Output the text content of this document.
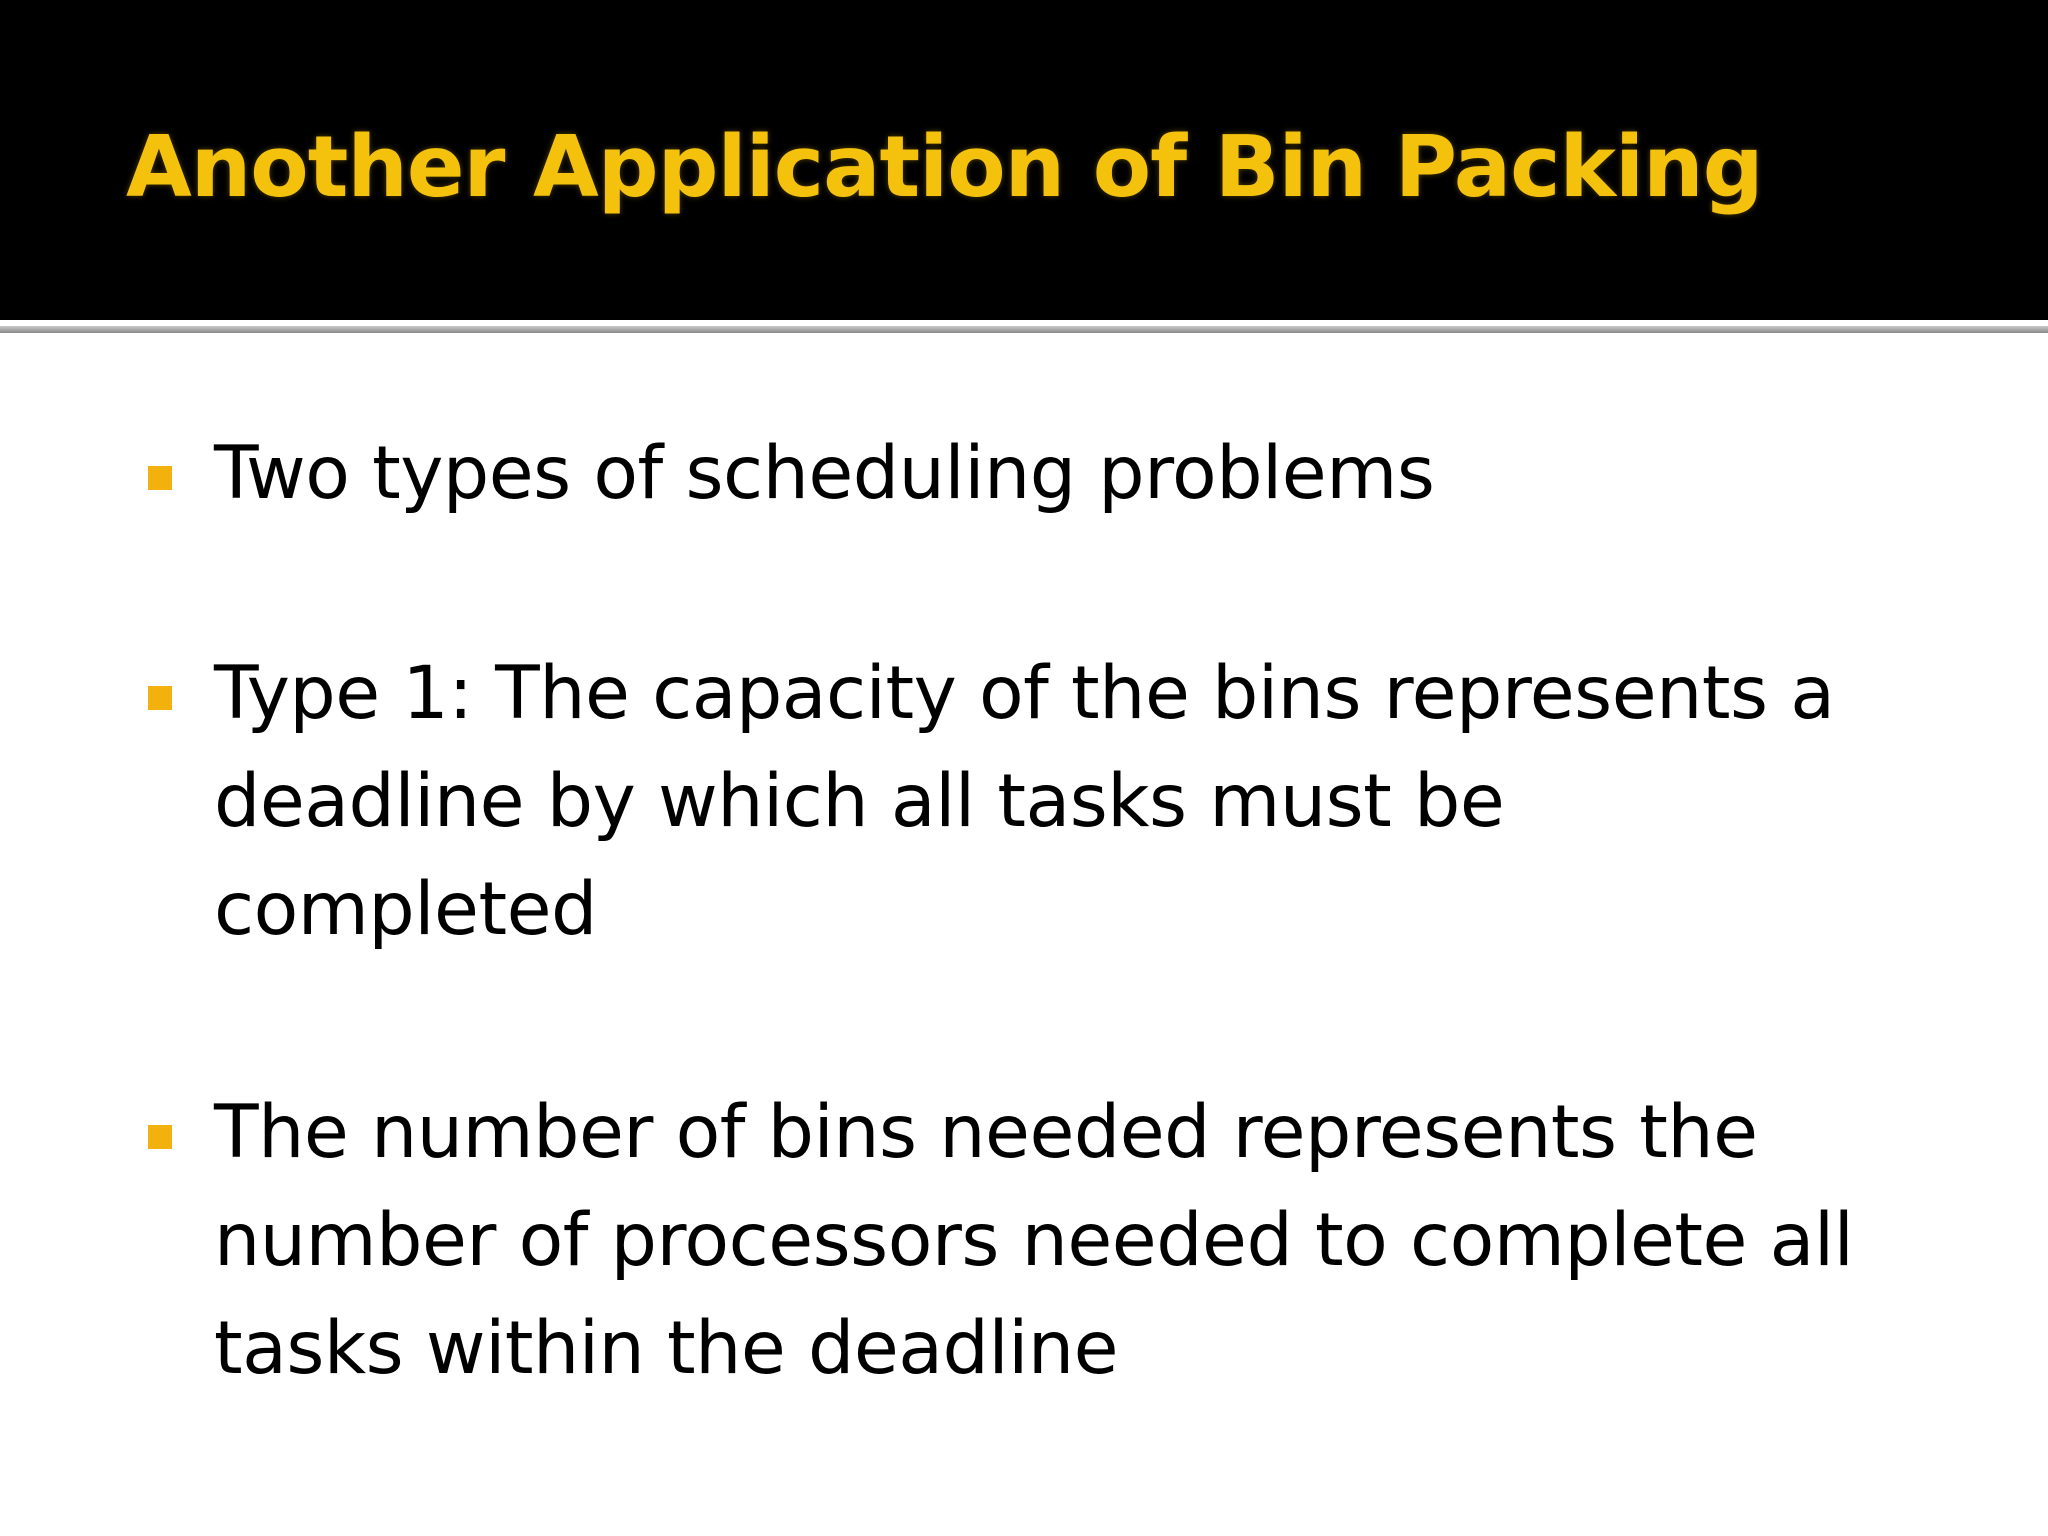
Another Application of Bin Packing

Two types of scheduling problems

Type 1: The capacity of the bins represents a
deadline by which all tasks must be
completed

The number of bins needed represents the
number of processors needed to complete all
tasks within the deadline
